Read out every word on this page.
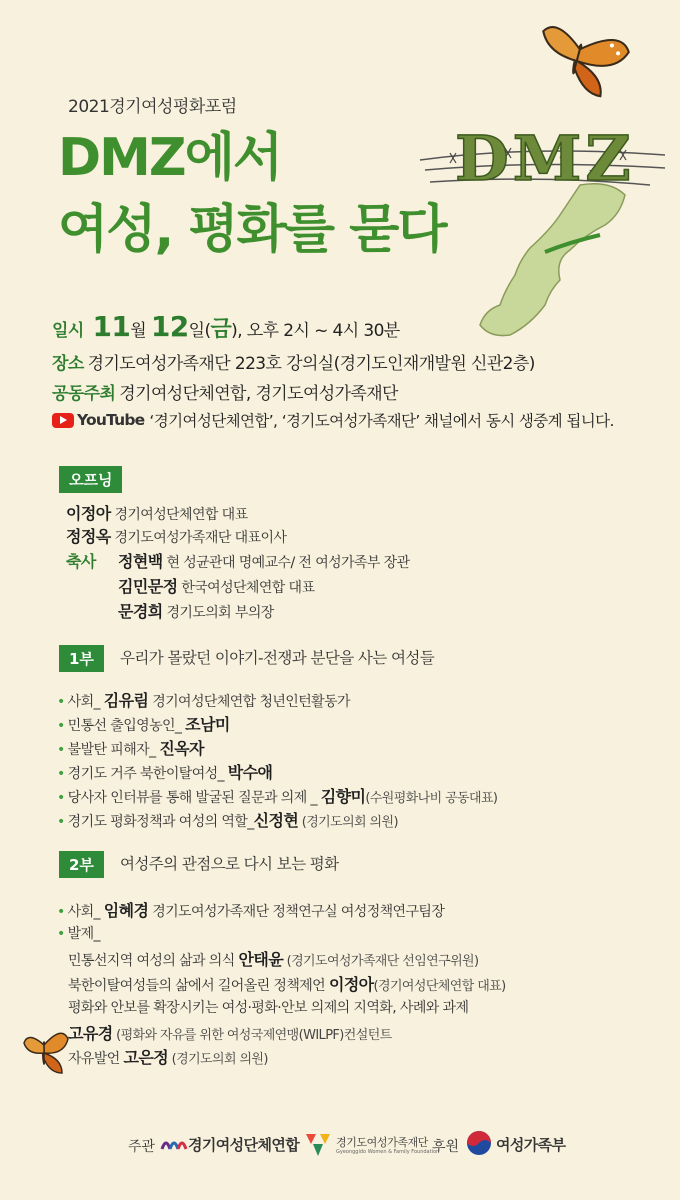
2021경기여성평화포럼
DMZ에서
여성, 평화를 묻다
DMZ
일시 11월 12일(금), 오후 2시 ~ 4시 30분
장소 경기도여성가족재단 223호 강의실(경기도인재개발원 신관2층)
공동주최 경기여성단체연합, 경기도여성가족재단
YouTube ‘경기여성단체연합’, ‘경기도여성가족재단’ 채널에서 동시 생중계 됩니다.
오프닝
이정아 경기여성단체연합 대표
정정옥 경기도여성가족재단 대표이사
축사 정현백 현 성균관대 명예교수/ 전 여성가족부 장관
김민문정 한국여성단체연합 대표
문경희 경기도의회 부의장
1부	우리가 몰랐던 이야기-전쟁과 분단을 사는 여성들
• 사회_ 김유림 경기여성단체연합 청년인턴활동가
• 민통선 출입영농인_ 조남미
• 불발탄 피해자_ 진옥자
• 경기도 거주 북한이탈여성_ 박수애
• 당사자 인터뷰를 통해 발굴된 질문과 의제 _ 김향미(수원평화나비 공동대표)
• 경기도 평화정책과 여성의 역할_신정현 (경기도의회 의원)
2부	여성주의 관점으로 다시 보는 평화
• 사회_ 임혜경 경기도여성가족재단 정책연구실 여성정책연구팀장
• 발제_
민통선지역 여성의 삶과 의식 안태윤 (경기도여성가족재단 선임연구위원)
북한이탈여성들의 삶에서 길어올린 정책제언 이정아(경기여성단체연합 대표)
평화와 안보를 확장시키는 여성·평화·안보 의제의 지역화, 사례와 과제
고유경 (평화와 자유를 위한 여성국제연맹(WILPF)컨설턴트
자유발언 고은정 (경기도의회 의원)
주관 경기여성단체연합	경기도여성가족재단
Gyeonggido Women & Family Foundation
후원 여성가족부
